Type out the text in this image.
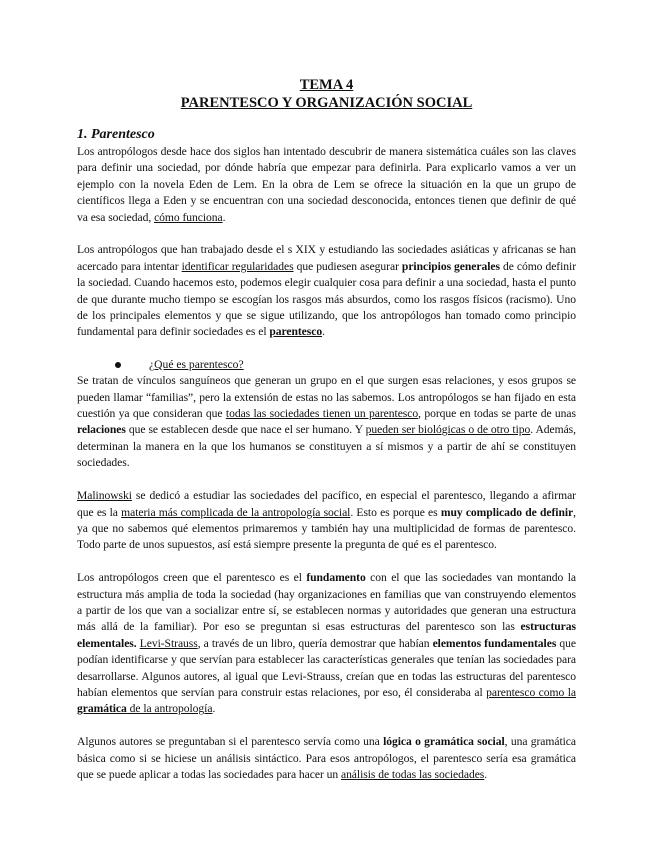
TEMA 4
PARENTESCO Y ORGANIZACIÓN SOCIAL
1. Parentesco

Los antropólogos desde hace dos siglos han intentado descubrir de manera sistemática cuáles son las claves para definir una sociedad, por dónde habría que empezar para definirla. Para explicarlo vamos a ver un ejemplo con la novela Eden de Lem. En la obra de Lem se ofrece la situación en la que un grupo de científicos llega a Eden y se encuentran con una sociedad desconocida, entonces tienen que definir de qué va esa sociedad, cómo funciona.

Los antropólogos que han trabajado desde el s XIX y estudiando las sociedades asiáticas y africanas se han acercado para intentar identificar regularidades que pudiesen asegurar principios generales de cómo definir la sociedad. Cuando hacemos esto, podemos elegir cualquier cosa para definir a una sociedad, hasta el punto de que durante mucho tiempo se escogían los rasgos más absurdos, como los rasgos físicos (racismo). Uno de los principales elementos y que se sigue utilizando, que los antropólogos han tomado como principio fundamental para definir sociedades es el parentesco.

¿Qué es parentesco?

Se tratan de vínculos sanguíneos que generan un grupo en el que surgen esas relaciones, y esos grupos se pueden llamar “familias”, pero la extensión de estas no las sabemos. Los antropólogos se han fijado en esta cuestión ya que consideran que todas las sociedades tienen un parentesco, porque en todas se parte de unas relaciones que se establecen desde que nace el ser humano. Y pueden ser biológicas o de otro tipo. Además, determinan la manera en la que los humanos se constituyen a sí mismos y a partir de ahí se constituyen sociedades.

Malinowski se dedicó a estudiar las sociedades del pacífico, en especial el parentesco, llegando a afirmar que es la materia más complicada de la antropología social. Esto es porque es muy complicado de definir, ya que no sabemos qué elementos primaremos y también hay una multiplicidad de formas de parentesco. Todo parte de unos supuestos, así está siempre presente la pregunta de qué es el parentesco.

Los antropólogos creen que el parentesco es el fundamento con el que las sociedades van montando la estructura más amplia de toda la sociedad (hay organizaciones en familias que van construyendo elementos a partir de los que van a socializar entre sí, se establecen normas y autoridades que generan una estructura más allá de la familiar). Por eso se preguntan si esas estructuras del parentesco son las estructuras elementales. Levi-Strauss, a través de un libro, quería demostrar que habían elementos fundamentales que podían identificarse y que servían para establecer las características generales que tenían las sociedades para desarrollarse. Algunos autores, al igual que Levi-Strauss, creían que en todas las estructuras del parentesco habían elementos que servían para construir estas relaciones, por eso, él consideraba al parentesco como la gramática de la antropología.

Algunos autores se preguntaban si el parentesco servía como una lógica o gramática social, una gramática básica como si se hiciese un análisis sintáctico. Para esos antropólogos, el parentesco sería esa gramática que se puede aplicar a todas las sociedades para hacer un análisis de todas las sociedades.
